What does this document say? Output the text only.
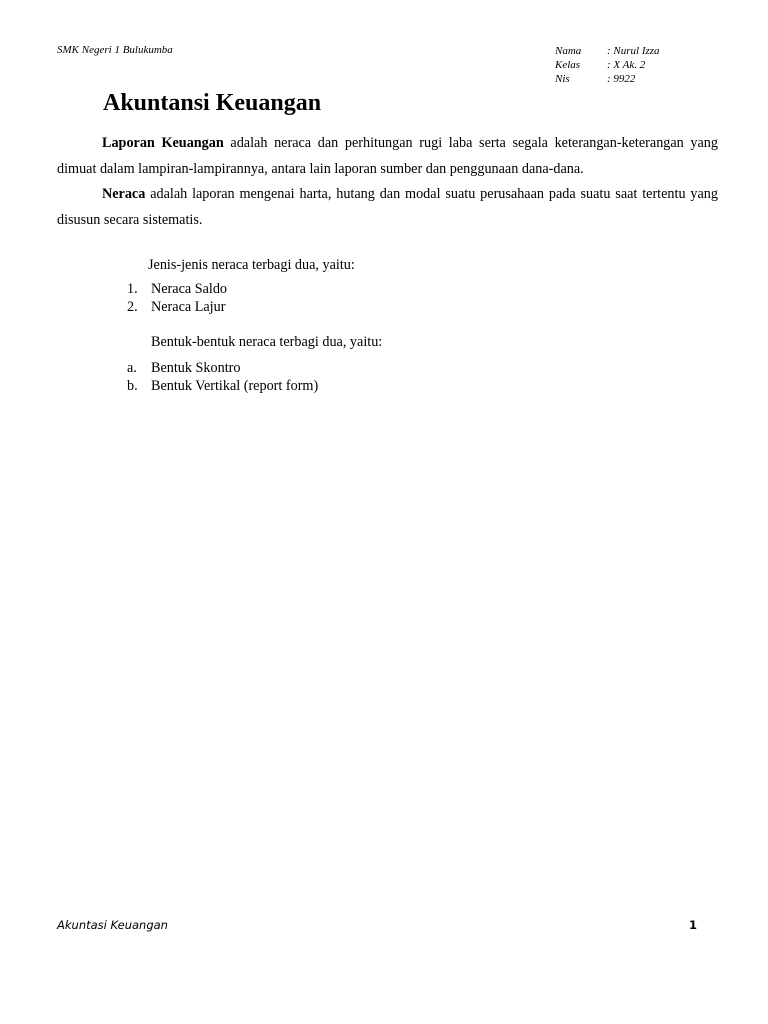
SMK Negeri 1 Bulukumba	Nama	: Nurul Izza
Kelas	: X Ak. 2
Nis	: 9922
Akuntansi Keuangan

Laporan Keuangan adalah neraca dan perhitungan rugi laba serta segala keterangan-keterangan yang dimuat dalam lampiran-lampirannya, antara lain laporan sumber dan penggunaan dana-dana.

Neraca adalah laporan mengenai harta, hutang dan modal suatu perusahaan pada suatu saat tertentu yang disusun secara sistematis.

Jenis-jenis neraca terbagi dua, yaitu:

1. Neraca Saldo
2. Neraca Lajur

Bentuk-bentuk neraca terbagi dua, yaitu:

a. Bentuk Skontro
b. Bentuk Vertikal (report form)
Akuntasi Keuangan	1
